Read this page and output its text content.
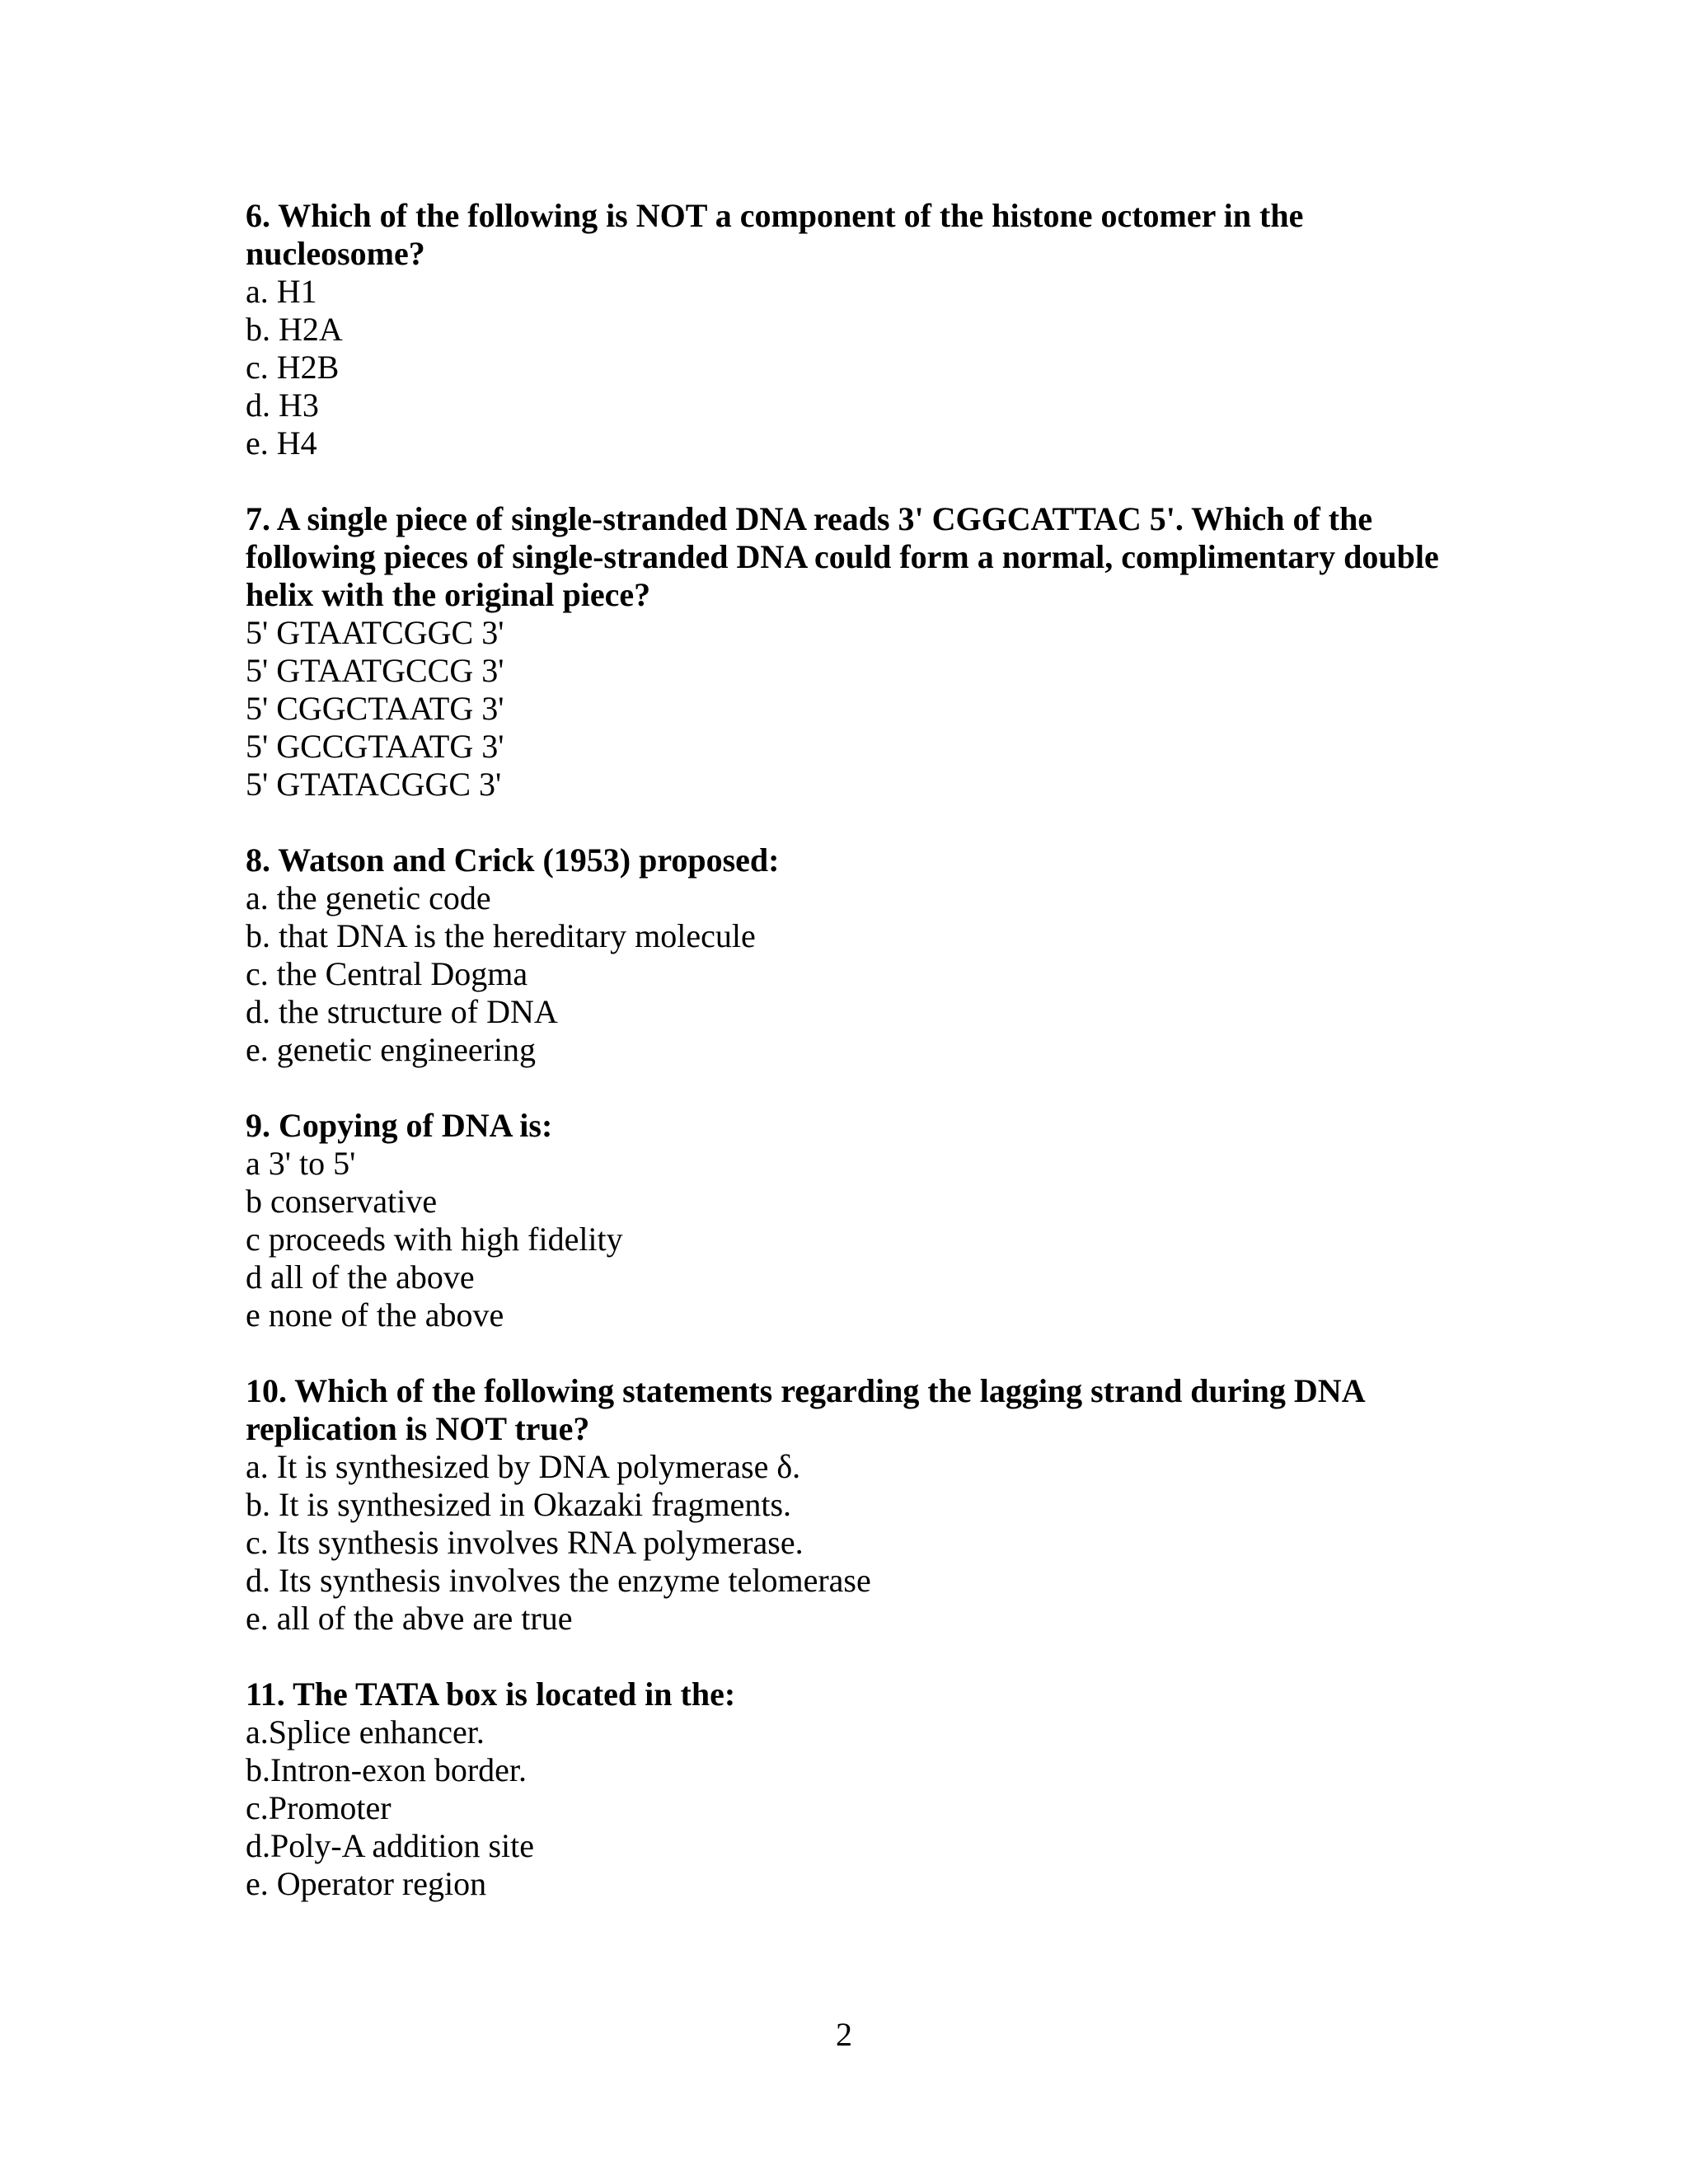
6. Which of the following is NOT a component of the histone octomer in the nucleosome?

a. H1
b. H2A
c. H2B
d. H3
e. H4

7. A single piece of single-stranded DNA reads 3' CGGCATTAC 5'. Which of the following pieces of single-stranded DNA could form a normal, complimentary double helix with the original piece?

5' GTAATCGGC 3'
5' GTAATGCCG 3'
5' CGGCTAATG 3'
5' GCCGTAATG 3'
5' GTATACGGC 3'

8. Watson and Crick (1953) proposed:

a. the genetic code
b. that DNA is the hereditary molecule
c. the Central Dogma
d. the structure of DNA
e. genetic engineering

9. Copying of DNA is:

a 3' to 5'
b conservative
c proceeds with high fidelity
d all of the above
e none of the above

10. Which of the following statements regarding the lagging strand during DNA replication is NOT true?

a. It is synthesized by DNA polymerase δ.
b. It is synthesized in Okazaki fragments.
c. Its synthesis involves RNA polymerase.
d. Its synthesis involves the enzyme telomerase
e. all of the abve are true

11. The TATA box is located in the:

a.Splice enhancer.
b.Intron-exon border.
c.Promoter
d.Poly-A addition site
e. Operator region
2
